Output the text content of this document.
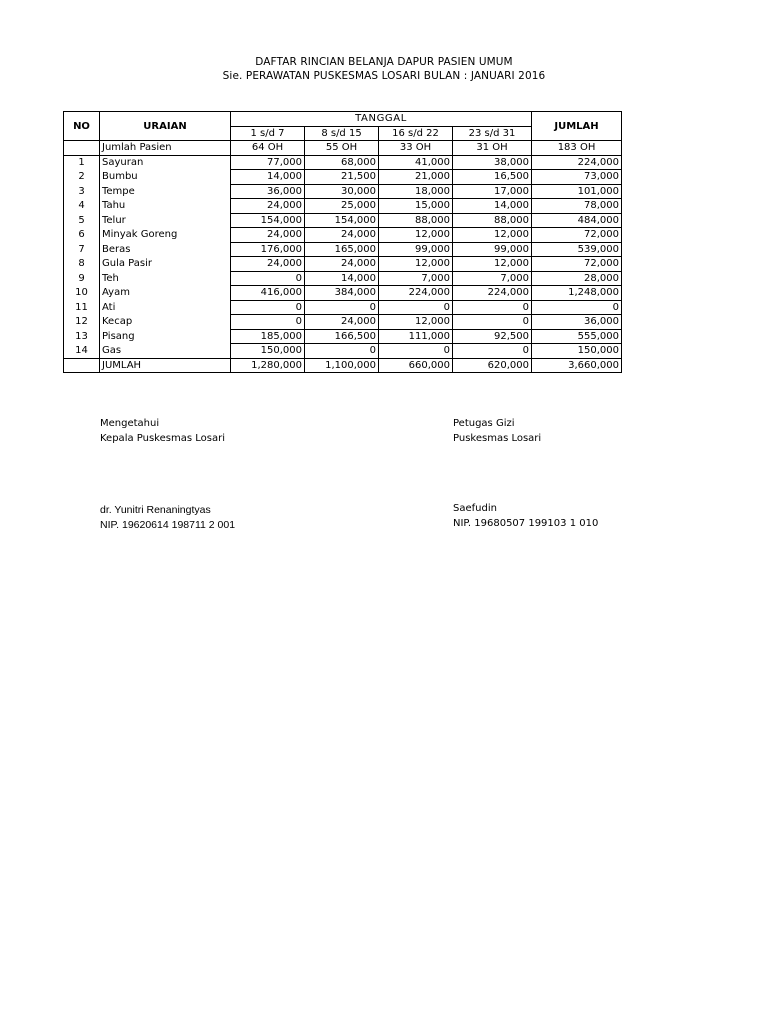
DAFTAR RINCIAN BELANJA DAPUR PASIEN UMUM
Sie. PERAWATAN PUSKESMAS LOSARI BULAN : JANUARI 2016
NO	URAIAN	TANGGAL				JUMLAH
		1 s/d 7	8 s/d 15	16 s/d 22	23 s/d 31	
	Jumlah Pasien	64 OH	55 OH	33 OH	31 OH	183 OH
1	Sayuran	77,000	68,000	41,000	38,000	224,000
2	Bumbu	14,000	21,500	21,000	16,500	73,000
3	Tempe	36,000	30,000	18,000	17,000	101,000
4	Tahu	24,000	25,000	15,000	14,000	78,000
5	Telur	154,000	154,000	88,000	88,000	484,000
6	Minyak Goreng	24,000	24,000	12,000	12,000	72,000
7	Beras	176,000	165,000	99,000	99,000	539,000
8	Gula Pasir	24,000	24,000	12,000	12,000	72,000
9	Teh	0	14,000	7,000	7,000	28,000
10	Ayam	416,000	384,000	224,000	224,000	1,248,000
11	Ati	0	0	0	0	0
12	Kecap	0	24,000	12,000	0	36,000
13	Pisang	185,000	166,500	111,000	92,500	555,000
14	Gas	150,000	0	0	0	150,000
	JUMLAH	1,280,000	1,100,000	660,000	620,000	3,660,000
Mengetahui
Kepala Puskesmas Losari
Petugas Gizi
Puskesmas Losari
dr. Yunitri Renaningtyas
NIP. 19620614 198711 2 001
Saefudin
NIP. 19680507 199103 1 010
